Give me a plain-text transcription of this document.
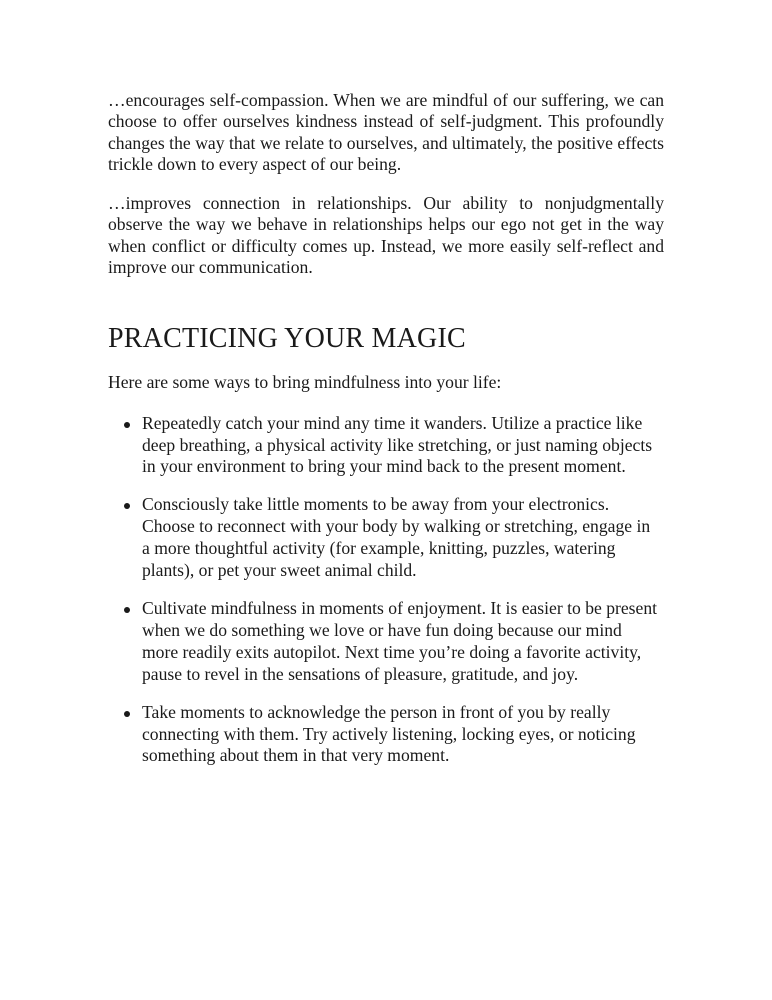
…encourages self-compassion. When we are mindful of our suffering, we can choose to offer ourselves kindness instead of self-judgment. This profoundly changes the way that we relate to ourselves, and ultimately, the positive effects trickle down to every aspect of our being.

…improves connection in relationships. Our ability to nonjudgmentally observe the way we behave in relationships helps our ego not get in the way when conflict or difficulty comes up. Instead, we more easily self-reflect and improve our communication.

PRACTICING YOUR MAGIC

Here are some ways to bring mindfulness into your life:

Repeatedly catch your mind any time it wanders. Utilize a practice like deep breathing, a physical activity like stretching, or just naming objects in your environment to bring your mind back to the present moment.
Consciously take little moments to be away from your electronics. Choose to reconnect with your body by walking or stretching, engage in a more thoughtful activity (for example, knitting, puzzles, watering plants), or pet your sweet animal child.
Cultivate mindfulness in moments of enjoyment. It is easier to be present when we do something we love or have fun doing because our mind more readily exits autopilot. Next time you’re doing a favorite activity, pause to revel in the sensations of pleasure, gratitude, and joy.
Take moments to acknowledge the person in front of you by really connecting with them. Try actively listening, locking eyes, or noticing something about them in that very moment.
